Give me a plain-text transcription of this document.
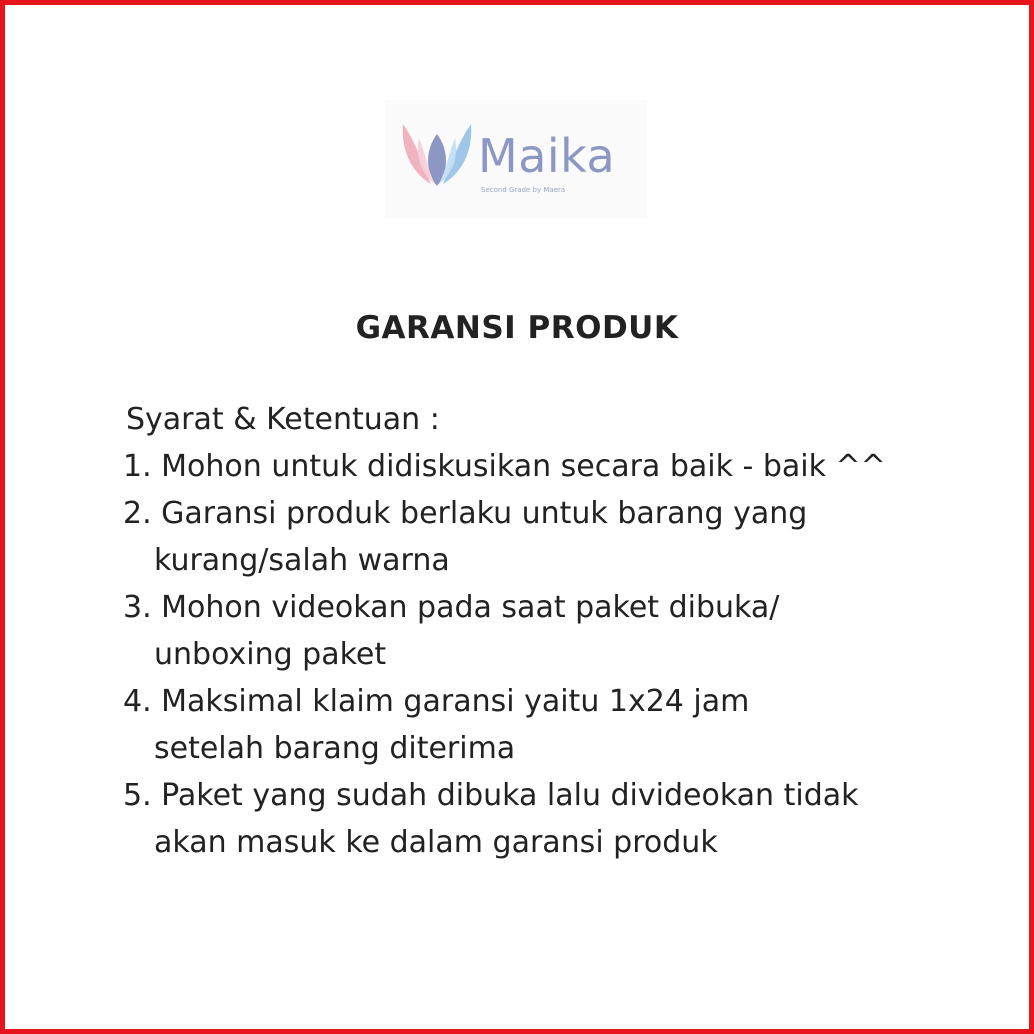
Maika
Second Grade by Maera
GARANSI PRODUK
Syarat & Ketentuan :
1. Mohon untuk didiskusikan secara baik - baik ^^
2. Garansi produk berlaku untuk barang yang
kurang/salah warna
3. Mohon videokan pada saat paket dibuka/
unboxing paket
4. Maksimal klaim garansi yaitu 1x24 jam
setelah barang diterima
5. Paket yang sudah dibuka lalu divideokan tidak
akan masuk ke dalam garansi produk
